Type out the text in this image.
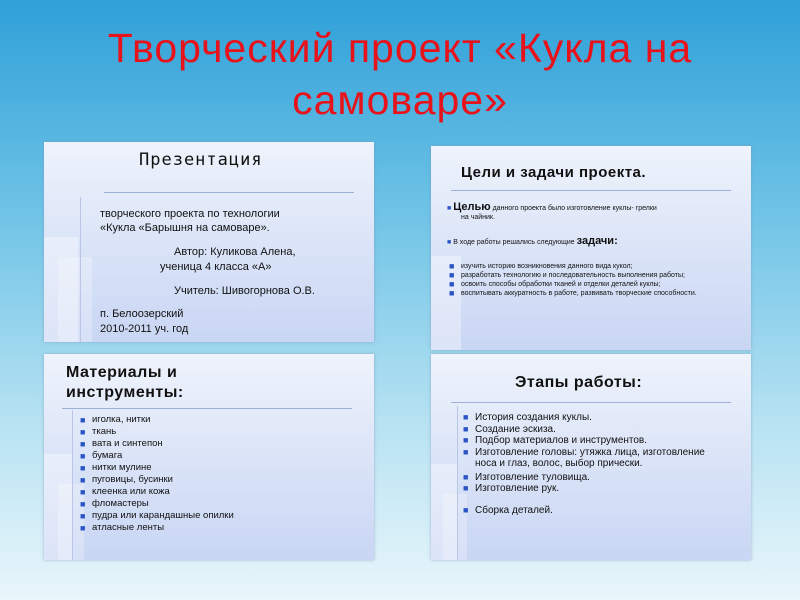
Творческий проект «Кукла на
самоваре»
Презентация
творческого проекта по технологии
«Кукла «Барышня на самоваре».
Автор: Куликова Алена,
ученица 4 класса «А»
Учитель: Шивогорнова О.В.
п. Белоозерский
2010-2011 уч. год
Цели и задачи проекта.
■ Целью данного проекта было изготовление куклы- грелки
на чайник.
■ В ходе работы решались следующие задачи:
■ изучить историю возникновения данного вида кукол;
■ разработать технологию и последовательность выполнения работы;
■ освоить способы обработки тканей и отделки деталей куклы;
■ воспитывать аккуратность в работе, развивать творческие способности.
Материалы и
инструменты:
■ иголка, нитки
■ ткань
■ вата и синтепон
■ бумага
■ нитки мулине
■ пуговицы, бусинки
■ клеенка или кожа
■ фломастеры
■ пудра или карандашные опилки
■ атласные ленты
Этапы работы:
■ История создания куклы.
■ Создание эскиза.
■ Подбор материалов и инструментов.
■ Изготовление головы: утяжка лица, изготовление носа и глаз, волос, выбор прически.
■ Изготовление туловища.
■ Изготовление рук.
■ Сборка деталей.
